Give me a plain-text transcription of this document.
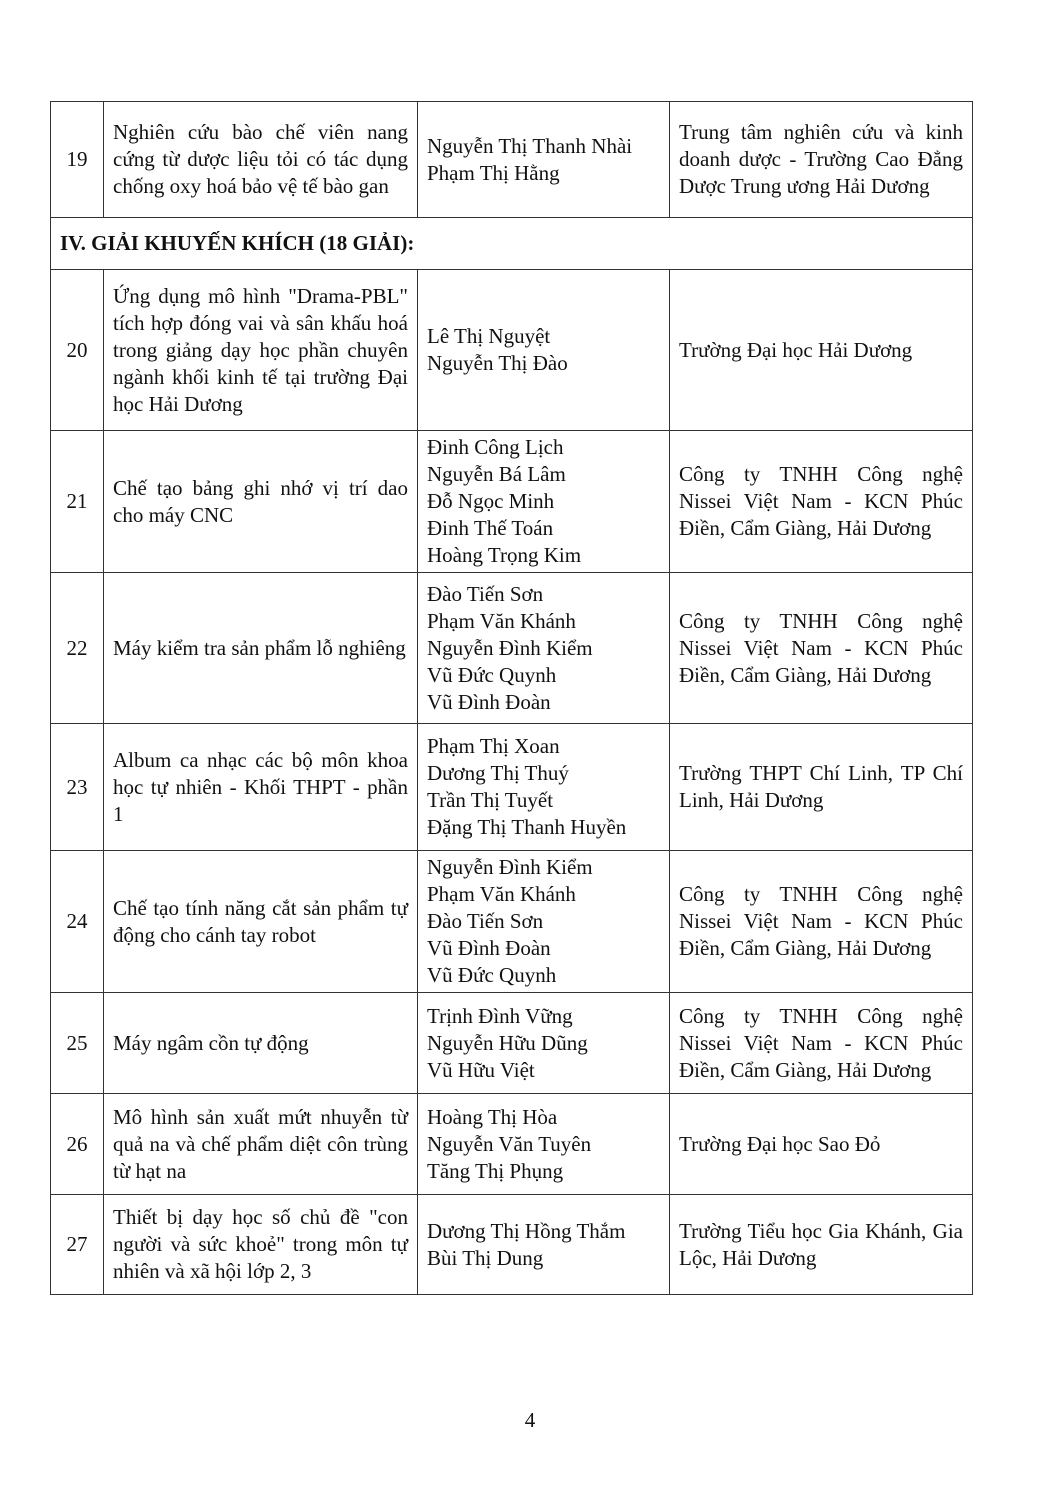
19	Nghiên cứu bào chế viên nang cứng từ dược liệu tỏi có tác dụng chống oxy hoá bảo vệ tế bào gan	Nguyễn Thị Thanh Nhài
Phạm Thị Hằng	Trung tâm nghiên cứu và kinh doanh dược - Trường Cao Đẳng Dược Trung ương Hải Dương
IV. GIẢI KHUYẾN KHÍCH (18 GIẢI):			
20	Ứng dụng mô hình "Drama-PBL" tích hợp đóng vai và sân khấu hoá trong giảng dạy học phần chuyên ngành khối kinh tế tại trường Đại học Hải Dương	Lê Thị Nguyệt
Nguyễn Thị Đào	Trường Đại học Hải Dương
21	Chế tạo bảng ghi nhớ vị trí dao cho máy CNC	Đinh Công Lịch
Nguyễn Bá Lâm
Đỗ Ngọc Minh
Đinh Thế Toán
Hoàng Trọng Kim	Công ty TNHH Công nghệ Nissei Việt Nam - KCN Phúc Điền, Cẩm Giàng, Hải Dương
22	Máy kiểm tra sản phẩm lỗ nghiêng	Đào Tiến Sơn
Phạm Văn Khánh
Nguyễn Đình Kiểm
Vũ Đức Quynh
Vũ Đình Đoàn	Công ty TNHH Công nghệ Nissei Việt Nam - KCN Phúc Điền, Cẩm Giàng, Hải Dương
23	Album ca nhạc các bộ môn khoa học tự nhiên - Khối THPT - phần 1	Phạm Thị Xoan
Dương Thị Thuý
Trần Thị Tuyết
Đặng Thị Thanh Huyền	Trường THPT Chí Linh, TP Chí Linh, Hải Dương
24	Chế tạo tính năng cắt sản phẩm tự động cho cánh tay robot	Nguyễn Đình Kiểm
Phạm Văn Khánh
Đào Tiến Sơn
Vũ Đình Đoàn
Vũ Đức Quynh	Công ty TNHH Công nghệ Nissei Việt Nam - KCN Phúc Điền, Cẩm Giàng, Hải Dương
25	Máy ngâm cồn tự động	Trịnh Đình Vững
Nguyễn Hữu Dũng
Vũ Hữu Việt	Công ty TNHH Công nghệ Nissei Việt Nam - KCN Phúc Điền, Cẩm Giàng, Hải Dương
26	Mô hình sản xuất mứt nhuyễn từ quả na và chế phẩm diệt côn trùng từ hạt na	Hoàng Thị Hòa
Nguyễn Văn Tuyên
Tăng Thị Phụng	Trường Đại học Sao Đỏ
27	Thiết bị dạy học số chủ đề "con người và sức khoẻ" trong môn tự nhiên và xã hội lớp 2, 3	Dương Thị Hồng Thắm
Bùi Thị Dung	Trường Tiểu học Gia Khánh, Gia Lộc, Hải Dương
4
